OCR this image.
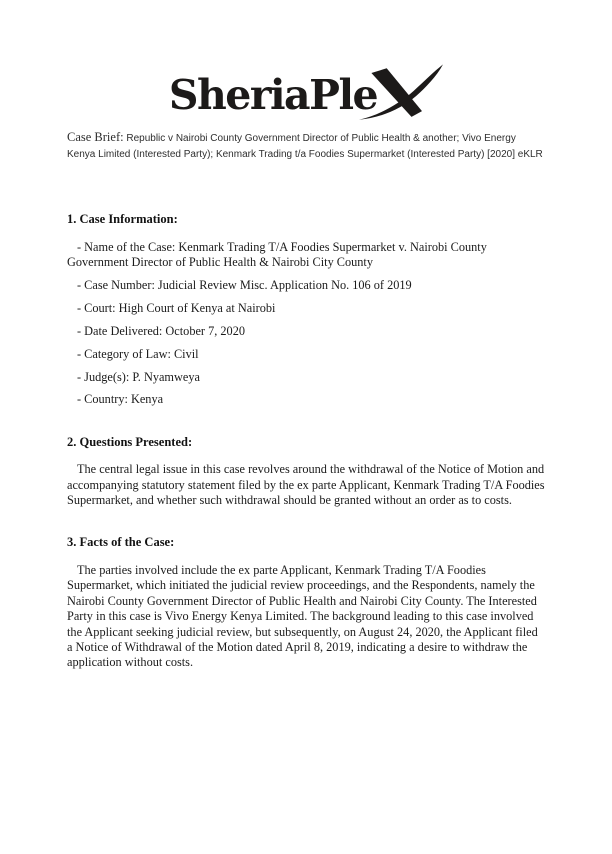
SheriaPle

Case Brief: Republic v Nairobi County Government Director of Public Health & another; Vivo Energy Kenya Limited (Interested Party); Kenmark Trading t/a Foodies Supermarket (Interested Party) [2020] eKLR

1. Case Information:

- Name of the Case: Kenmark Trading T/A Foodies Supermarket v. Nairobi County Government Director of Public Health & Nairobi City County

- Case Number: Judicial Review Misc. Application No. 106 of 2019

- Court: High Court of Kenya at Nairobi

- Date Delivered: October 7, 2020

- Category of Law: Civil

- Judge(s): P. Nyamweya

- Country: Kenya

2. Questions Presented:

The central legal issue in this case revolves around the withdrawal of the Notice of Motion and accompanying statutory statement filed by the ex parte Applicant, Kenmark Trading T/A Foodies Supermarket, and whether such withdrawal should be granted without an order as to costs.

3. Facts of the Case:

The parties involved include the ex parte Applicant, Kenmark Trading T/A Foodies Supermarket, which initiated the judicial review proceedings, and the Respondents, namely the Nairobi County Government Director of Public Health and Nairobi City County. The Interested Party in this case is Vivo Energy Kenya Limited. The background leading to this case involved the Applicant seeking judicial review, but subsequently, on August 24, 2020, the Applicant filed a Notice of Withdrawal of the Motion dated April 8, 2019, indicating a desire to withdraw the application without costs.
